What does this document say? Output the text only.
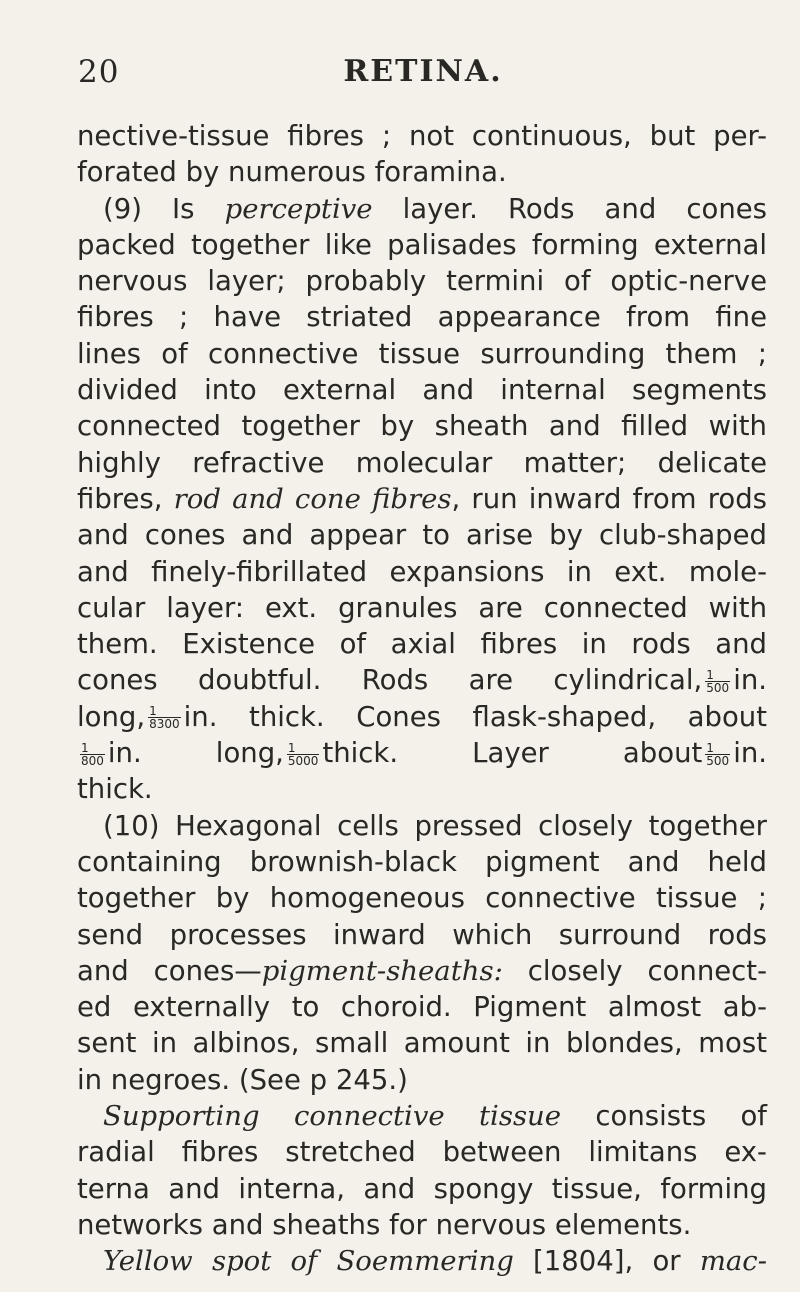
20	RETINA.
nective-tissue fibres ; not continuous, but per-
forated by numerous foramina.
(9) Is perceptive layer. Rods and cones
packed together like palisades forming external
nervous layer; probably termini of optic-nerve
fibres ; have striated appearance from fine
lines of connective tissue surrounding them ;
divided into external and internal segments
connected together by sheath and filled with
highly refractive molecular matter; delicate
fibres, rod and cone fibres, run inward from rods
and cones and appear to arise by club-shaped
and finely-fibrillated expansions in ext. mole-
cular layer: ext. granules are connected with
them. Existence of axial fibres in rods and
cones doubtful. Rods are cylindrical, $\frac{1}{500}$ in.
long, $\frac{1}{8300}$ in. thick. Cones flask-shaped, about
$\frac{1}{800}$ in. long, $\frac{1}{5000}$ thick. Layer about $\frac{1}{500}$ in.
thick.
(10) Hexagonal cells pressed closely together
containing brownish-black pigment and held
together by homogeneous connective tissue ;
send processes inward which surround rods
and cones—pigment-sheaths: closely connect-
ed externally to choroid. Pigment almost ab-
sent in albinos, small amount in blondes, most
in negroes. (See p 245.)
Supporting connective tissue consists of
radial fibres stretched between limitans ex-
terna and interna, and spongy tissue, forming
networks and sheaths for nervous elements.
Yellow spot of Soemmering [1804], or mac-
